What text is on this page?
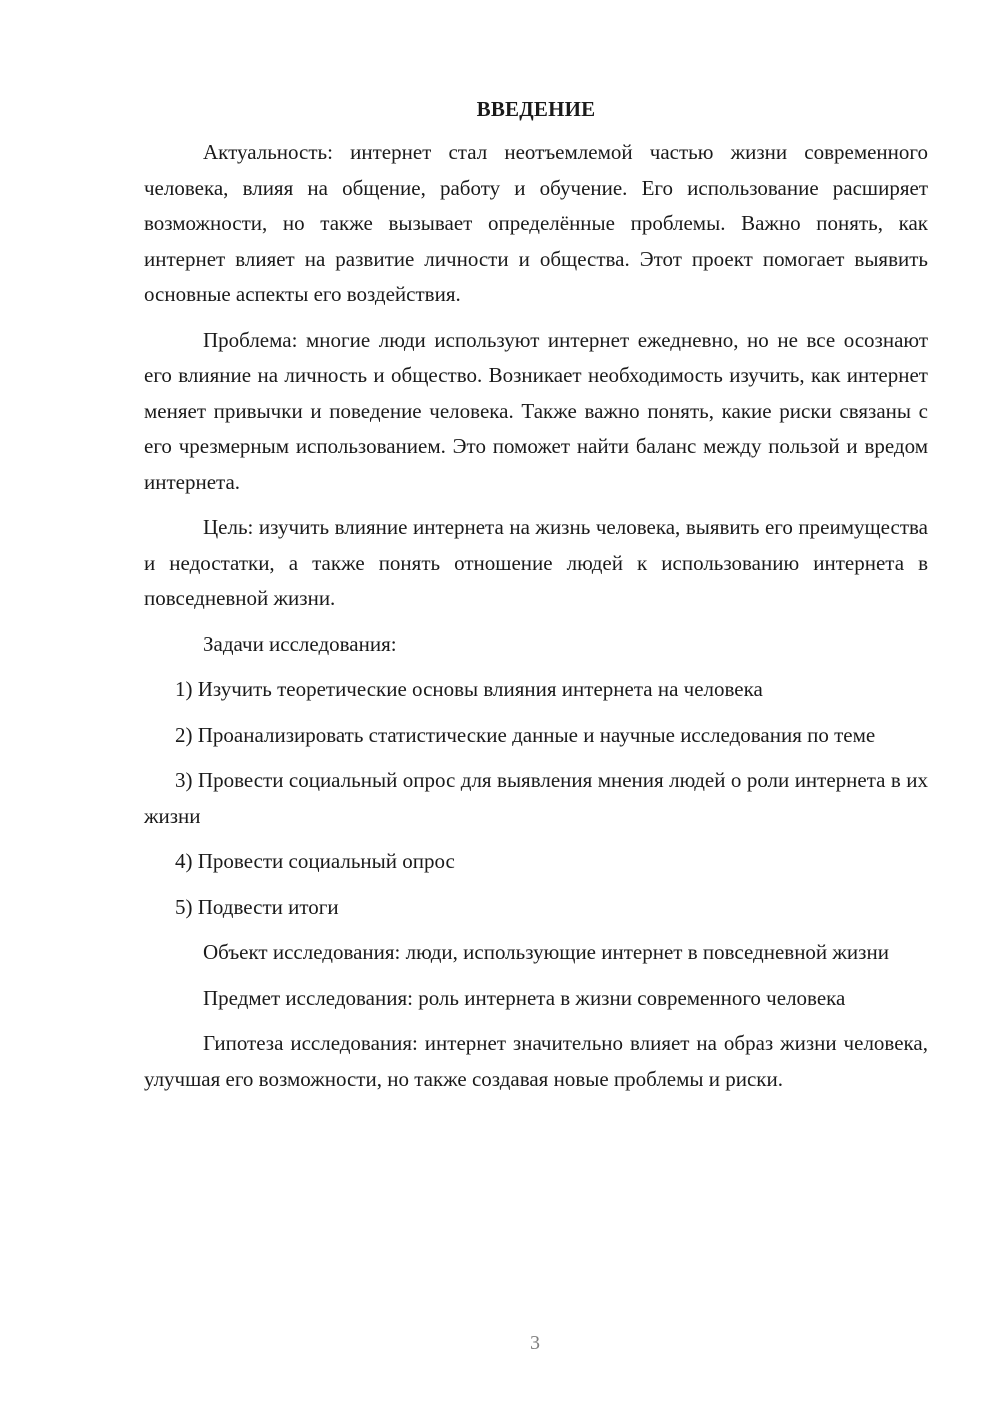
ВВЕДЕНИЕ

Актуальность: интернет стал неотъемлемой частью жизни современного человека, влияя на общение, работу и обучение. Его использование расширяет возможности, но также вызывает определённые проблемы. Важно понять, как интернет влияет на развитие личности и общества. Этот проект помогает выявить основные аспекты его воздействия.

Проблема: многие люди используют интернет ежедневно, но не все осознают его влияние на личность и общество. Возникает необходимость изучить, как интернет меняет привычки и поведение человека. Также важно понять, какие риски связаны с его чрезмерным использованием. Это поможет найти баланс между пользой и вредом интернета.

Цель: изучить влияние интернета на жизнь человека, выявить его преимущества и недостатки, а также понять отношение людей к использованию интернета в повседневной жизни.

Задачи исследования:

1) Изучить теоретические основы влияния интернета на человека

2) Проанализировать статистические данные и научные исследования по теме

3) Провести социальный опрос для выявления мнения людей о роли интернета в их жизни

4) Провести социальный опрос

5) Подвести итоги

Объект исследования: люди, использующие интернет в повседневной жизни

Предмет исследования: роль интернета в жизни современного человека

Гипотеза исследования: интернет значительно влияет на образ жизни человека, улучшая его возможности, но также создавая новые проблемы и риски.

3
